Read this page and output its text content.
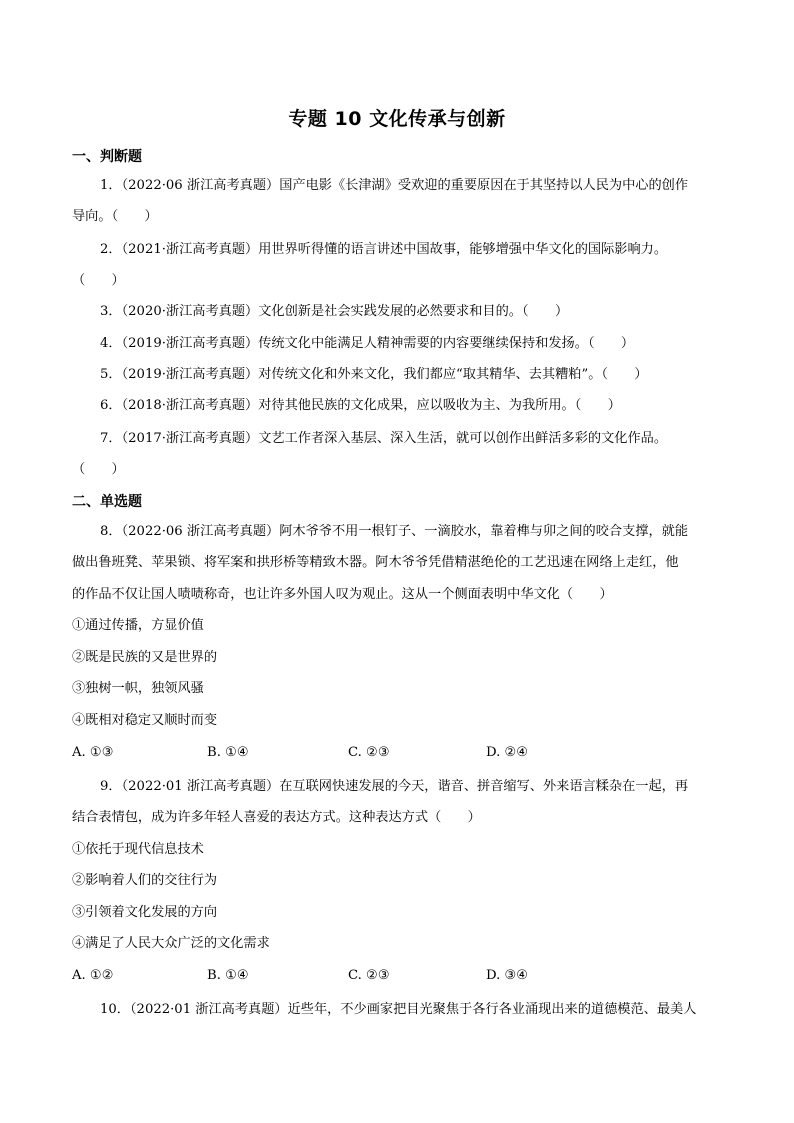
专题 10 文化传承与创新
一、判断题
1．（2022·06 浙江高考真题）国产电影《长津湖》受欢迎的重要原因在于其坚持以人民为中心的创作
导向。（　　）
2．（2021·浙江高考真题）用世界听得懂的语言讲述中国故事，能够增强中华文化的国际影响力。
（　　）
3．（2020·浙江高考真题）文化创新是社会实践发展的必然要求和目的。（　　）
4．（2019·浙江高考真题）传统文化中能满足人精神需要的内容要继续保持和发扬。（　　）
5．（2019·浙江高考真题）对传统文化和外来文化，我们都应“取其精华、去其糟粕”。（　　）
6．（2018·浙江高考真题）对待其他民族的文化成果，应以吸收为主、为我所用。（　　）
7．（2017·浙江高考真题）文艺工作者深入基层、深入生活，就可以创作出鲜活多彩的文化作品。
（　　）
二、单选题
8．（2022·06 浙江高考真题）阿木爷爷不用一根钉子、一滴胶水，靠着榫与卯之间的咬合支撑，就能
做出鲁班凳、苹果锁、将军案和拱形桥等精致木器。阿木爷爷凭借精湛绝伦的工艺迅速在网络上走红，他
的作品不仅让国人啧啧称奇，也让许多外国人叹为观止。这从一个侧面表明中华文化（　　）
①通过传播，方显价值
②既是民族的又是世界的
③独树一帜，独领风骚
④既相对稳定又顺时而变
A. ①③	B. ①④	C. ②③	D. ②④
9．（2022·01 浙江高考真题）在互联网快速发展的今天，谐音、拼音缩写、外来语言糅杂在一起，再
结合表情包，成为许多年轻人喜爱的表达方式。这种表达方式（　　）
①依托于现代信息技术
②影响着人们的交往行为
③引领着文化发展的方向
④满足了人民大众广泛的文化需求
A. ①②	B. ①④	C. ②③	D. ③④
10．（2022·01 浙江高考真题）近些年，不少画家把目光聚焦于各行各业涌现出来的道德模范、最美人
